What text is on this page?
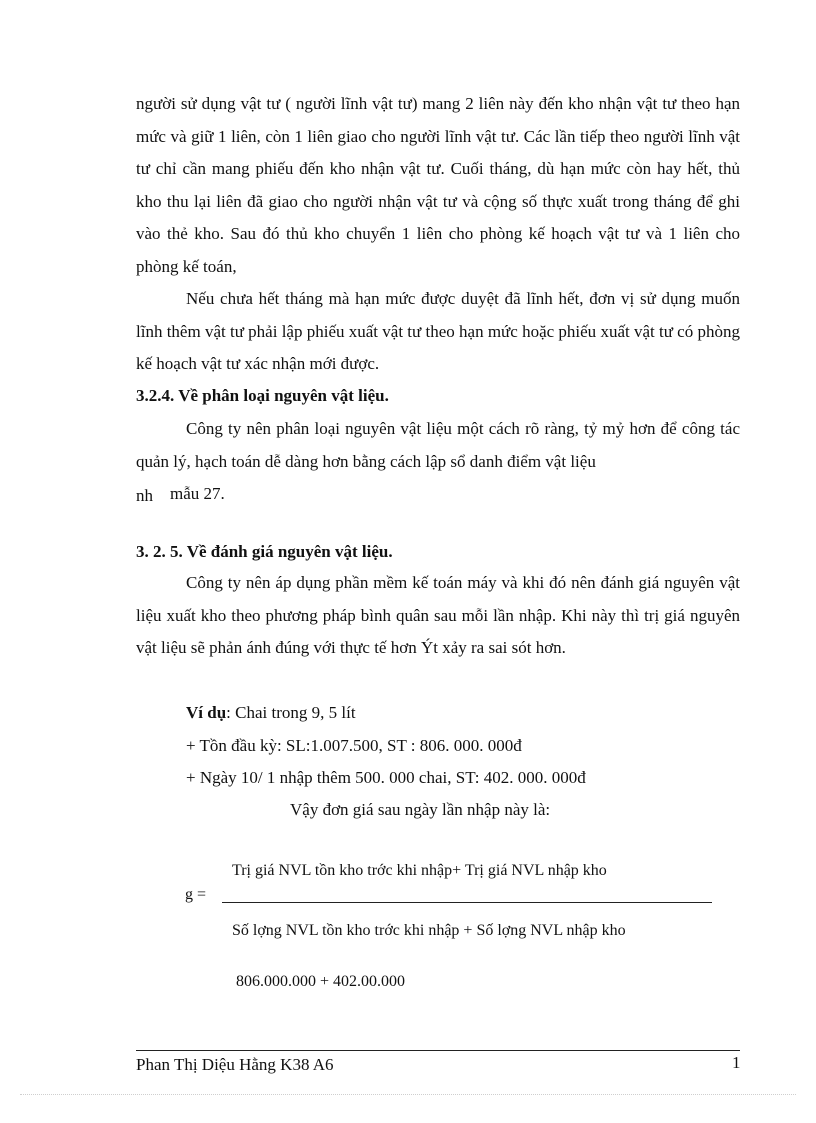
người sử dụng vật tư ( người lĩnh vật tư) mang 2 liên này đến kho nhận vật tư theo hạn mức và giữ 1 liên, còn 1 liên giao cho người lĩnh vật tư. Các lần tiếp theo người lĩnh vật tư chỉ cần mang phiếu đến kho nhận vật tư. Cuối tháng, dù hạn mức còn hay hết, thủ kho thu lại liên đã giao cho người nhận vật tư và cộng số thực xuất trong tháng để ghi vào thẻ kho. Sau đó thủ kho chuyển 1 liên cho phòng kế hoạch vật tư và 1 liên cho phòng kế toán,

Nếu chưa hết tháng mà hạn mức được duyệt đã lĩnh hết, đơn vị sử dụng muốn lĩnh thêm vật tư phải lập phiếu xuất vật tư theo hạn mức hoặc phiếu xuất vật tư có phòng kế hoạch vật tư xác nhận mới được.

3.2.4. Về phân loại nguyên vật liệu.

Công ty nên phân loại nguyên vật liệu một cách rõ ràng, tỷ mỷ hơn để công tác quản lý, hạch toán dễ dàng hơn bằng cách lập sổ danh điểm vật liệu

nh mẫu 27.

3. 2. 5. Về đánh giá nguyên vật liệu.

Công ty nên áp dụng phần mềm kế toán máy và khi đó nên đánh giá nguyên vật liệu xuất kho theo phương pháp bình quân sau mỗi lần nhập. Khi này thì trị giá nguyên vật liệu sẽ phản ánh đúng với thực tế hơn Ýt xảy ra sai sót hơn.

Ví dụ: Chai trong 9, 5 lít

+ Tồn đầu kỳ: SL:1.007.500, ST : 806. 000. 000đ

+ Ngày 10/ 1 nhập thêm 500. 000 chai, ST: 402. 000. 000đ

Vậy đơn giá sau ngày lần nhập này là:

Trị giá NVL tồn kho trớc khi nhập+ Trị giá NVL nhập kho
g =
Số lợng NVL tồn kho trớc khi nhập + Số lợng NVL nhập kho
806.000.000 + 402.00.000
Phan Thị Diệu Hằng K38 A6	1
